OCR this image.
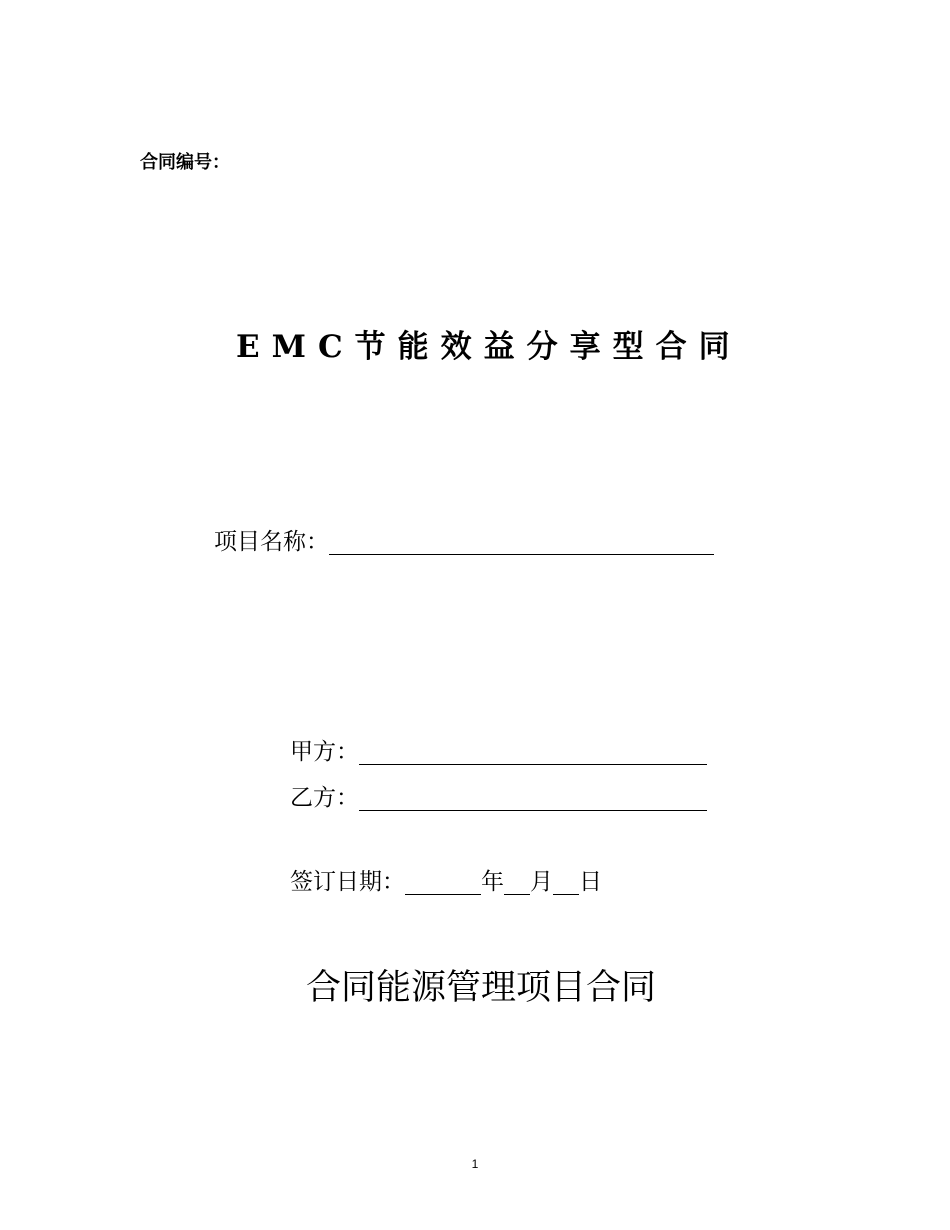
合同编号：
EMC节能效益分享型合同
项目名称：
甲方：
乙方：
签订日期：	年 月 日
合同能源管理项目合同
1
